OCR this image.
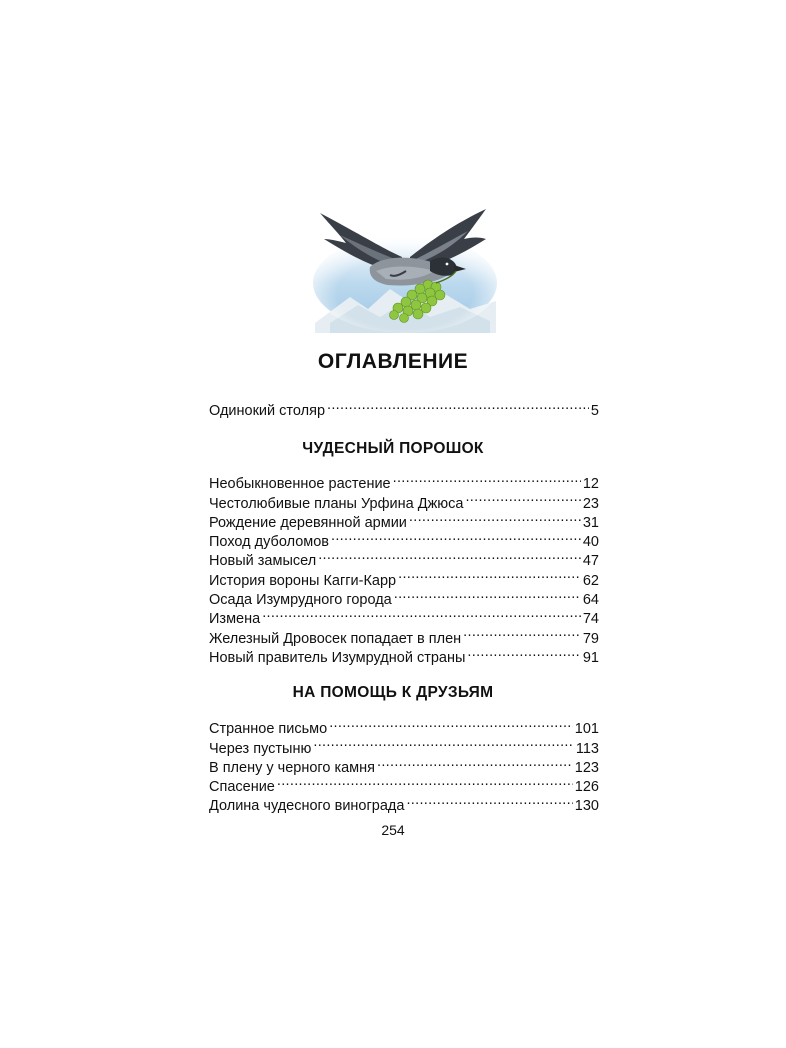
ОГЛАВЛЕНИЕ
Одинокий столяр .....	5
ЧУДЕСНЫЙ ПОРОШОК
Необыкновенное растение .....	12
Честолюбивые планы Урфина Джюса .....	23
Рождение деревянной армии .....	31
Поход дуболомов .....	40
Новый замысел .....	47
История вороны Кагги-Карр .....	62
Осада Изумрудного города .....	64
Измена .....	74
Железный Дровосек попадает в плен .....	79
Новый правитель Изумрудной страны .....	91
НА ПОМОЩЬ К ДРУЗЬЯМ
Странное письмо .....	101
Через пустыню .....	113
В плену у черного камня .....	123
Спасение .....	126
Долина чудесного винограда .....	130
254
